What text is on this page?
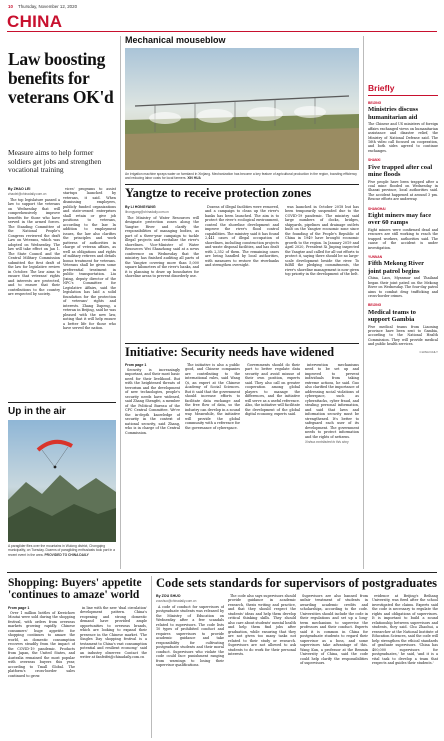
10 Thursday, November 12, 2020
CHINA
Law boosting benefits for veterans OK'd
Measure aims to help former soldiers get jobs and strengthen vocational training
By ZHAO LEI
zhaolei@chinadaily.com.cn

The top legislature passed a law to support the veterans on Wednesday that will comprehensively improve benefits for those who have served in the armed forces. The Standing Committee of the National People's Congress reviewed the draft Law on Veterans, which was adopted on Wednesday. The law will take effect on Jan 1. The State Council and the Central Military Commission submitted the first draft of the law for legislative review in October. The law aims to ensure that veterans' rights and interests are protected, and to ensure that their contributions to the country are respected by society.

vices' programs to assist startups launched by veterans, it said. When dismissing employees, publicly funded organizations and state-owned enterprises shall retain or give job positions to veterans, according to the law. In addition to employment issues, the law also clarifies the principles and work patterns of authorities in charge of veteran affairs, as well as obligations and rights of military retirees and details bonus treatment for veterans. Veterans shall be given some preferential treatment in public transportation. Liu Jixing, deputy director of the NPC's Committee for Legislative Affairs, said the legislation has laid a solid foundation for the protection of veterans' rights and interests. Zhang Dapeng, a veteran in Beijing, said he was pleased with the new law, noting that it will help ensure a better life for those who have served the nation.

Up in the air
A paraglider flies over the mountains in Wulong district, Chongqing municipality, on Tuesday. Dozens of paragliding enthusiasts took part in a recent event in the area. PROVIDED TO CHINA DAILY
Mechanical mouseblow
An irrigation machine sprays water on farmland in Xinjiang. Mechanization has become a key feature of agricultural production in the region, boosting efficiency and reducing labor costs for local farmers. XIN HUA
Yangtze to receive protection zones
By LI HONGYANG
lihongyang@chinadaily.com.cn

The Ministry of Water Resources will designate protection zones along the Yangtze River and clarify the responsibilities of managing bodies, as part of a three-year campaign to tackle illegal projects and revitalize the river's shorelines. Vice-Minister of Water Resources Wei Shanzhong said at a news conference on Wednesday that the ministry has finished auditing all parts of the Yangtze covering more than 5,000 square kilometers of the river's banks, and it is planning to draw up boundaries for shoreline areas to prevent disorderly use.

Dozens of illegal facilities were removed, and a campaign to clean up the river's banks has been launched. The aim is to protect the river's ecological environment, control the shoreline development and improve the river's flood control capabilities. The ministry said it has found 2,441 cases of illegal occupation of shorelines, including construction projects and waste disposal facilities, and has dealt with 2,352 of them. The remaining cases are being handled by local authorities, with measures to restore the riverbanks and strengthen oversight.

was launched in October 2018 but has been temporarily suspended due to the COVID-19 pandemic. The ministry said large numbers of docks, bridges, shipyards, pipelines and drainage outlets built on the Yangtze economic zone since the founding of the People's Republic of China in 1949 have brought economic growth to the region. In January 2019 and April 2020, President Xi Jinping inspected the Yangtze and called for all-out efforts to protect it, saying there should be no large-scale development beside the river. To fulfill the pledging commitments, the river's shoreline management is now given top priority in the development of the belt.

Initiative: Security needs have widened
From page 1

Security is increasingly important, and their most basic need for their livelihood. But with the heightened threats of terrorism and the development of new technologies, people's security needs have widened, said Zhang Shengfei, a member of the Political Bureau of the CPC Central Committee. We're the in-depth knowledge of security in the context of national security, said Zhang, who is in charge of the Central Commission.

The initiative is also a public good, and Chinese companies are contributing to the international rules, said Wang Qi, an expert at the Chinese Academy of Social Sciences. But it said that the government should increase efforts to facilitate data exchange and the free flow of data, so the industry can develop in a sound way. Meanwhile, the initiative will provide the global community with a reference for the governance of cyberspace.

Governments should do their part to better regulate data security and avoid misuse of their own position, experts said. They also call on greater cooperation among global players to manage the differences, and the initiative will serve as a useful reference. Also, the initiative will facilitate the development of the global digital economy, experts said.

intervention mechanisms need to be set up and improved to prevent individuals from taking extreme actions, he said. Guo also clarified the importance of addressing social violations of cyberspace, such as cyberattacks, cyber fraud, and stealing personal information, and said that laws and information security must be strengthened. It's better to safeguard each user of its development. The government needs to protect information and the rights of netizens.

Xinhua contributed to this story
Briefly
BEIJING
Ministries discuss humanitarian aid
The Chinese and US ministers of foreign affairs exchanged views on humanitarian assistance and disaster relief, the Ministry of National Defense said. The 16th video call focused on cooperation, and both sides agreed to continue exchanges.
SHANXI
Five trapped after coal mine floods
Five people have been trapped after a coal mine flooded on Wednesday in Shanxi province, local authorities said. The accident happened at around 3 pm. Rescue efforts are underway.
SHANGHAI
Eight miners may face over 60 ramps
Eight miners were confirmed dead and rescuers are still working to reach the trapped workers, authorities said. The cause of the accident is under investigation.
YUNNAN
Fifth Mekong River joint patrol begins
China, Laos, Myanmar and Thailand began their joint patrol on the Mekong River on Wednesday. The four-day patrol aims to combat drug trafficking and cross-border crimes.
BEIJING
Medical teams to support Gambia
Five medical teams from Liaoning province have been sent to Gambia, according to the National Health Commission. They will provide medical and public health services.
CHINA DAILY
Shopping: Buyers' appetite 'continues to amaze' world
From page 1

Over 1 million bottles of Kweichow Moutai were sold during the shopping festival, with orders from overseas markets growing rapidly. Chinese consumers' huge appetite for shopping continues to amaze the world, as domestic consumption recovers steadily from the impact of the COVID-19 pandemic. Products from Japan, the United States, and Australia remained the most popular with overseas buyers this year, according to Tmall Global. The platform's cross-border sales continued to grow.

in line with the new 'dual circulation' development pattern. China's reopening and strong domestic demand have provided ample opportunities to overseas brands, which are looking to expand their presence in the Chinese market. 'The Singles Day shopping festival is a testament to China's vast consumption potential and resilient economy,' said an industry observer. Contact the writer at fanfeifei@chinadaily.com.cn

Code sets standards for supervisors of postgraduates
By ZOU SHUO
zoushuo@chinadaily.com.cn

A code of conduct for supervisors of postgraduate students was released by the Ministry of Education on Wednesday after a few scandals related to supervisors. The code lists 10 types of prohibited conduct and requires supervisors to provide academic guidance and take responsibility for cultivating postgraduate students and their moral conduct. Supervisors who violate the code could face punishment ranging from warnings to losing their supervisor qualifications.

The code also says supervisors should provide guidance in academic research, thesis writing and practice, and that they should respect the students' ideas and help them develop critical thinking skills. They should also care about students' mental health and help them find jobs after graduation, while ensuring that they are not given too many tasks not related to their study or research. Supervisors are not allowed to ask students to do work for their personal interests.

Supervisors are also banned from unfair treatment of students in awarding academic credits and scholarships, according to the code. Universities should include the code in their regulations and set up a long-term mechanism to supervise the professors and their conduct. Experts said it is common in China for postgraduate students to regard their supervisor as a boss, and some supervisors take advantage of this. Wang Kun, a professor at the Renmin University of China, said the code could help clarify the responsibilities of supervisors.

evidence at Beijing's Beihang University, was fired after the school investigated the claims. Experts said the code is necessary to regulate the rights and obligations of supervisors. It is important to build a sound relationship between supervisors and students, they said. Chu Zhaohui, a researcher at the National Institute of Education Sciences, said the code will help strengthen the ethical standards of graduate supervisors. 'China has 400,000 supervisors for postgraduates,' he said, 'and it is a vital task to develop a team that respects and guides their students.'
